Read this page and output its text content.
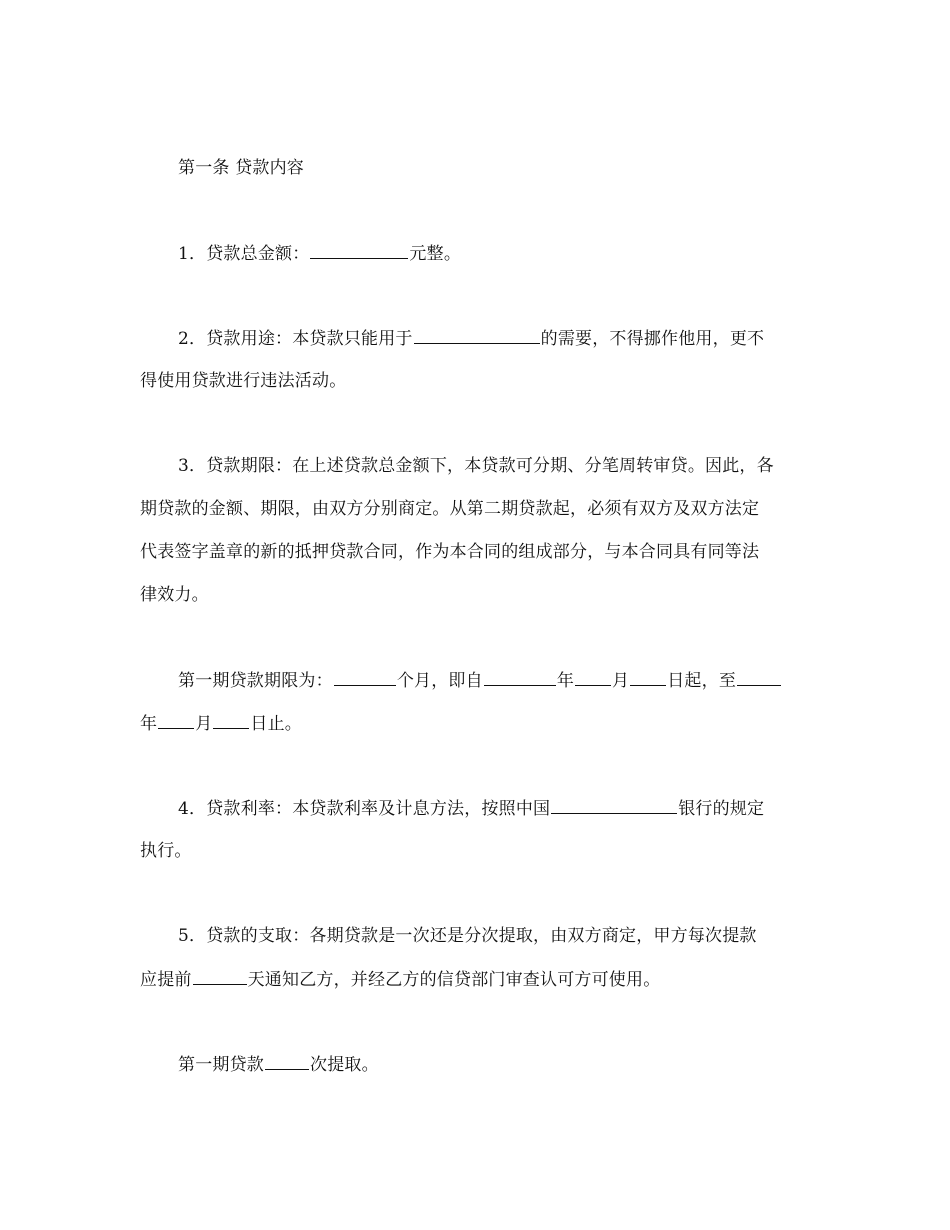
第一条 贷款内容
1．贷款总金额：	元整。
2．贷款用途：本贷款只能用于	的需要，不得挪作他用，更不
得使用贷款进行违法活动。
3．贷款期限：在上述贷款总金额下，本贷款可分期、分笔周转审贷。因此，各
期贷款的金额、期限，由双方分别商定。从第二期贷款起，必须有双方及双方法定
代表签字盖章的新的抵押贷款合同，作为本合同的组成部分，与本合同具有同等法
律效力。
第一期贷款期限为：	个月，即自	年 月 日起，至
年 月 日止。
4．贷款利率：本贷款利率及计息方法，按照中国	银行的规定
执行。
5．贷款的支取：各期贷款是一次还是分次提取，由双方商定，甲方每次提款
应提前	天通知乙方，并经乙方的信贷部门审查认可方可使用。
第一期贷款	次提取。
